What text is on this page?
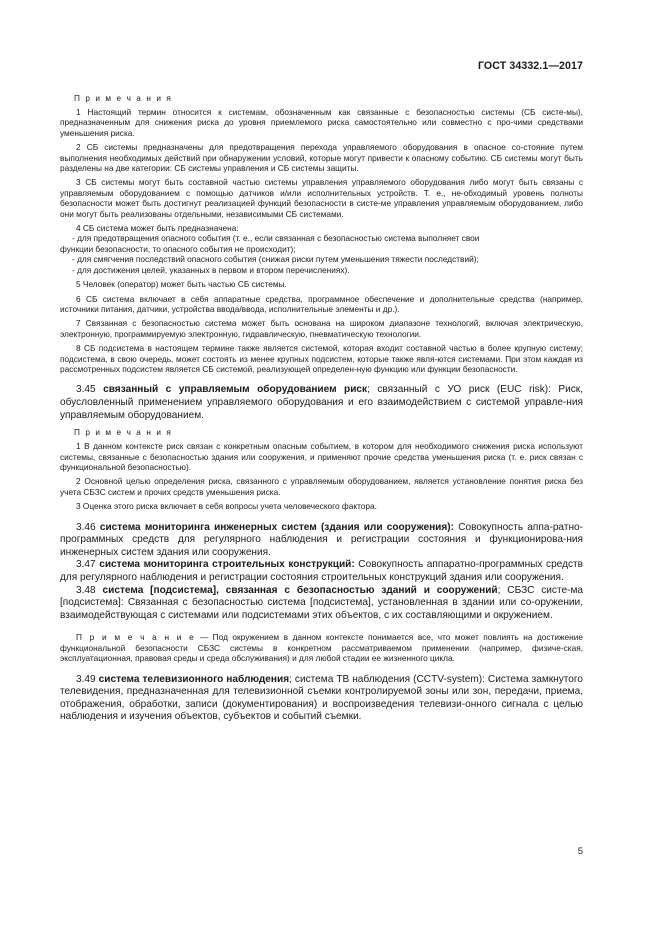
ГОСТ 34332.1—2017
П р и м е ч а н и я

1 Настоящий термин относится к системам, обозначенным как связанные с безопасностью системы (СБ систе-мы), предназначенным для снижения риска до уровня приемлемого риска самостоятельно или совместно с про-чими средствами уменьшения риска.

2 СБ системы предназначены для предотвращения перехода управляемого оборудования в опасное со-стояние путем выполнения необходимых действий при обнаружении условий, которые могут привести к опасному событию. СБ системы могут быть разделены на две категории: СБ системы управления и СБ системы защиты.

3 СБ системы могут быть составной частью системы управления управляемого оборудования либо могут быть связаны с управляемым оборудованием с помощью датчиков и/или исполнительных устройств. Т. е., не-обходимый уровень полноты безопасности может быть достигнут реализацией функций безопасности в систе-ме управления управляемым оборудованием, либо они могут быть реализованы отдельными, независимыми СБ системами.

4 СБ система может быть предназначена:

- для предотвращения опасного события (т. е., если связанная с безопасностью система выполняет свои

функции безопасности, то опасного события не происходит);

- для смягчения последствий опасного события (снижая риски путем уменьшения тяжести последствий);

- для достижения целей, указанных в первом и втором перечислениях).

5 Человек (оператор) может быть частью СБ системы.

6 СБ система включает в себя аппаратные средства, программное обеспечение и дополнительные средства (например, источники питания, датчики, устройства ввода/ввода, исполнительные элементы и др.).

7 Связанная с безопасностью система может быть основана на широком диапазоне технологий, включая электрическую, электронную, программируемую электронную, гидравлическую, пневматическую технологии.

8 СБ подсистема в настоящем термине также является системой, которая входит составной частью в более крупную систему; подсистема, в свою очередь, может состоять из менее крупных подсистем, которые также явля-ются системами. При этом каждая из рассмотренных подсистем является СБ системой, реализующей определен-ную функцию или функции безопасности.

3.45 связанный с управляемым оборудованием риск; связанный с УО риск (EUC risk): Риск, обусловленный применением управляемого оборудования и его взаимодействием с системой управле-ния управляемым оборудованием.

П р и м е ч а н и я

1 В данном контексте риск связан с конкретным опасным событием, в котором для необходимого снижения риска используют системы, связанные с безопасностью здания или сооружения, и применяют прочие средства уменьшения риска (т. е. риск связан с функциональной безопасностью).

2 Основной целью определения риска, связанного с управляемым оборудованием, является установление понятия риска без учета СБЗС систем и прочих средств уменьшения риска.

3 Оценка этого риска включает в себя вопросы учета человеческого фактора.

3.46 система мониторинга инженерных систем (здания или сооружения): Совокупность аппа-ратно-программных средств для регулярного наблюдения и регистрации состояния и функционирова-ния инженерных систем здания или сооружения.

3.47 система мониторинга строительных конструкций: Совокупность аппаратно-программных средств для регулярного наблюдения и регистрации состояния строительных конструкций здания или сооружения.

3.48 система [подсистема], связанная с безопасностью зданий и сооружений; СБЗС систе-ма [подсистема]: Связанная с безопасностью система [подсистема], установленная в здании или со-оружении, взаимодействующая с системами или подсистемами этих объектов, с их составляющими и окружением.

П р и м е ч а н и е — Под окружением в данном контексте понимается все, что может повлиять на достижение функциональной безопасности СБЗС системы в конкретном рассматриваемом применении (например, физиче-ская, эксплуатационная, правовая среды и среда обслуживания) и для любой стадии ее жизненного цикла.

3.49 система телевизионного наблюдения; система ТВ наблюдения (CCTV-system): Система замкнутого телевидения, предназначенная для телевизионной съемки контролируемой зоны или зон, передачи, приема, отображения, обработки, записи (документирования) и воспроизведения телевизи-онного сигнала с целью наблюдения и изучения объектов, субъектов и событий съемки.

5
